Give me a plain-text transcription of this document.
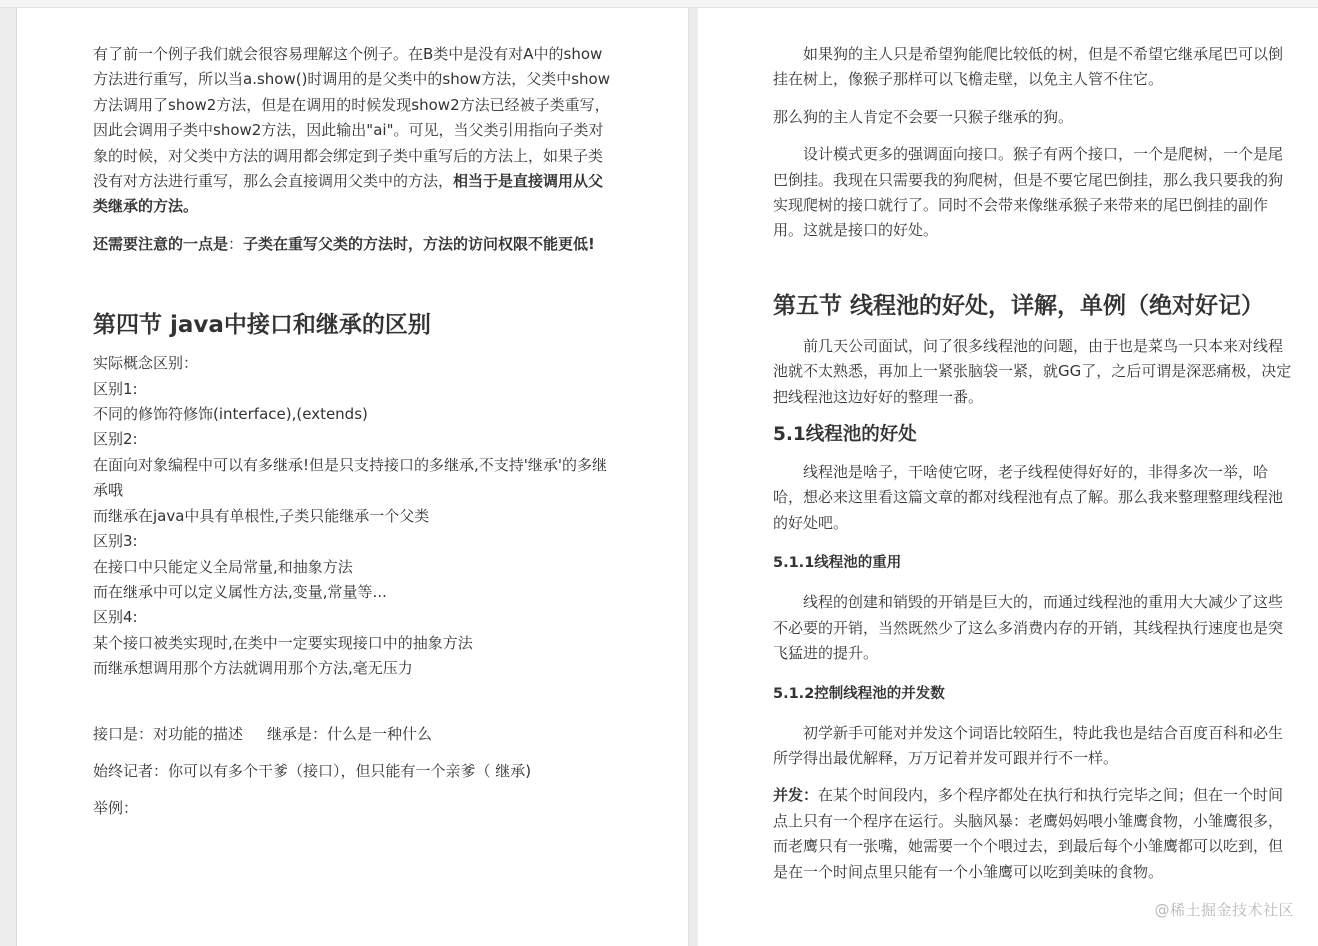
有了前一个例子我们就会很容易理解这个例子。在B类中是没有对A中的show方法进行重写，所以当a.show()时调用的是父类中的show方法，父类中show方法调用了show2方法，但是在调用的时候发现show2方法已经被子类重写，因此会调用子类中show2方法，因此输出"ai"。可见，当父类引用指向子类对象的时候，对父类中方法的调用都会绑定到子类中重写后的方法上，如果子类没有对方法进行重写，那么会直接调用父类中的方法，相当于是直接调用从父类继承的方法。

还需要注意的一点是：子类在重写父类的方法时，方法的访问权限不能更低!

第四节 java中接口和继承的区别
实际概念区别：
区别1:
不同的修饰符修饰(interface),(extends)
区别2:
在面向对象编程中可以有多继承!但是只支持接口的多继承,不支持'继承'的多继承哦
而继承在java中具有单根性,子类只能继承一个父类
区别3:
在接口中只能定义全局常量,和抽象方法
而在继承中可以定义属性方法,变量,常量等...
区别4:
某个接口被类实现时,在类中一定要实现接口中的抽象方法
而继承想调用那个方法就调用那个方法,毫无压力

接口是：对功能的描述 继承是：什么是一种什么

始终记者：你可以有多个干爹（接口），但只能有一个亲爹（ 继承)

举例：

如果狗的主人只是希望狗能爬比较低的树，但是不希望它继承尾巴可以倒挂在树上，像猴子那样可以飞檐走壁，以免主人管不住它。

那么狗的主人肯定不会要一只猴子继承的狗。

设计模式更多的强调面向接口。猴子有两个接口，一个是爬树，一个是尾巴倒挂。我现在只需要我的狗爬树，但是不要它尾巴倒挂，那么我只要我的狗实现爬树的接口就行了。同时不会带来像继承猴子来带来的尾巴倒挂的副作用。这就是接口的好处。

第五节 线程池的好处，详解，单例（绝对好记）

前几天公司面试，问了很多线程池的问题，由于也是菜鸟一只本来对线程池就不太熟悉，再加上一紧张脑袋一紧，就GG了，之后可谓是深恶痛极，决定把线程池这边好好的整理一番。

5.1线程池的好处

线程池是啥子，干啥使它呀，老子线程使得好好的，非得多次一举，哈哈，想必来这里看这篇文章的都对线程池有点了解。那么我来整理整理线程池的好处吧。

5.1.1线程池的重用

线程的创建和销毁的开销是巨大的，而通过线程池的重用大大减少了这些不必要的开销，当然既然少了这么多消费内存的开销，其线程执行速度也是突飞猛进的提升。

5.1.2控制线程池的并发数

初学新手可能对并发这个词语比较陌生，特此我也是结合百度百科和必生所学得出最优解释，万万记着并发可跟并行不一样。

并发：在某个时间段内，多个程序都处在执行和执行完毕之间；但在一个时间点上只有一个程序在运行。头脑风暴：老鹰妈妈喂小雏鹰食物，小雏鹰很多，而老鹰只有一张嘴，她需要一个个喂过去，到最后每个小雏鹰都可以吃到，但是在一个时间点里只能有一个小雏鹰可以吃到美味的食物。

@稀土掘金技术社区
